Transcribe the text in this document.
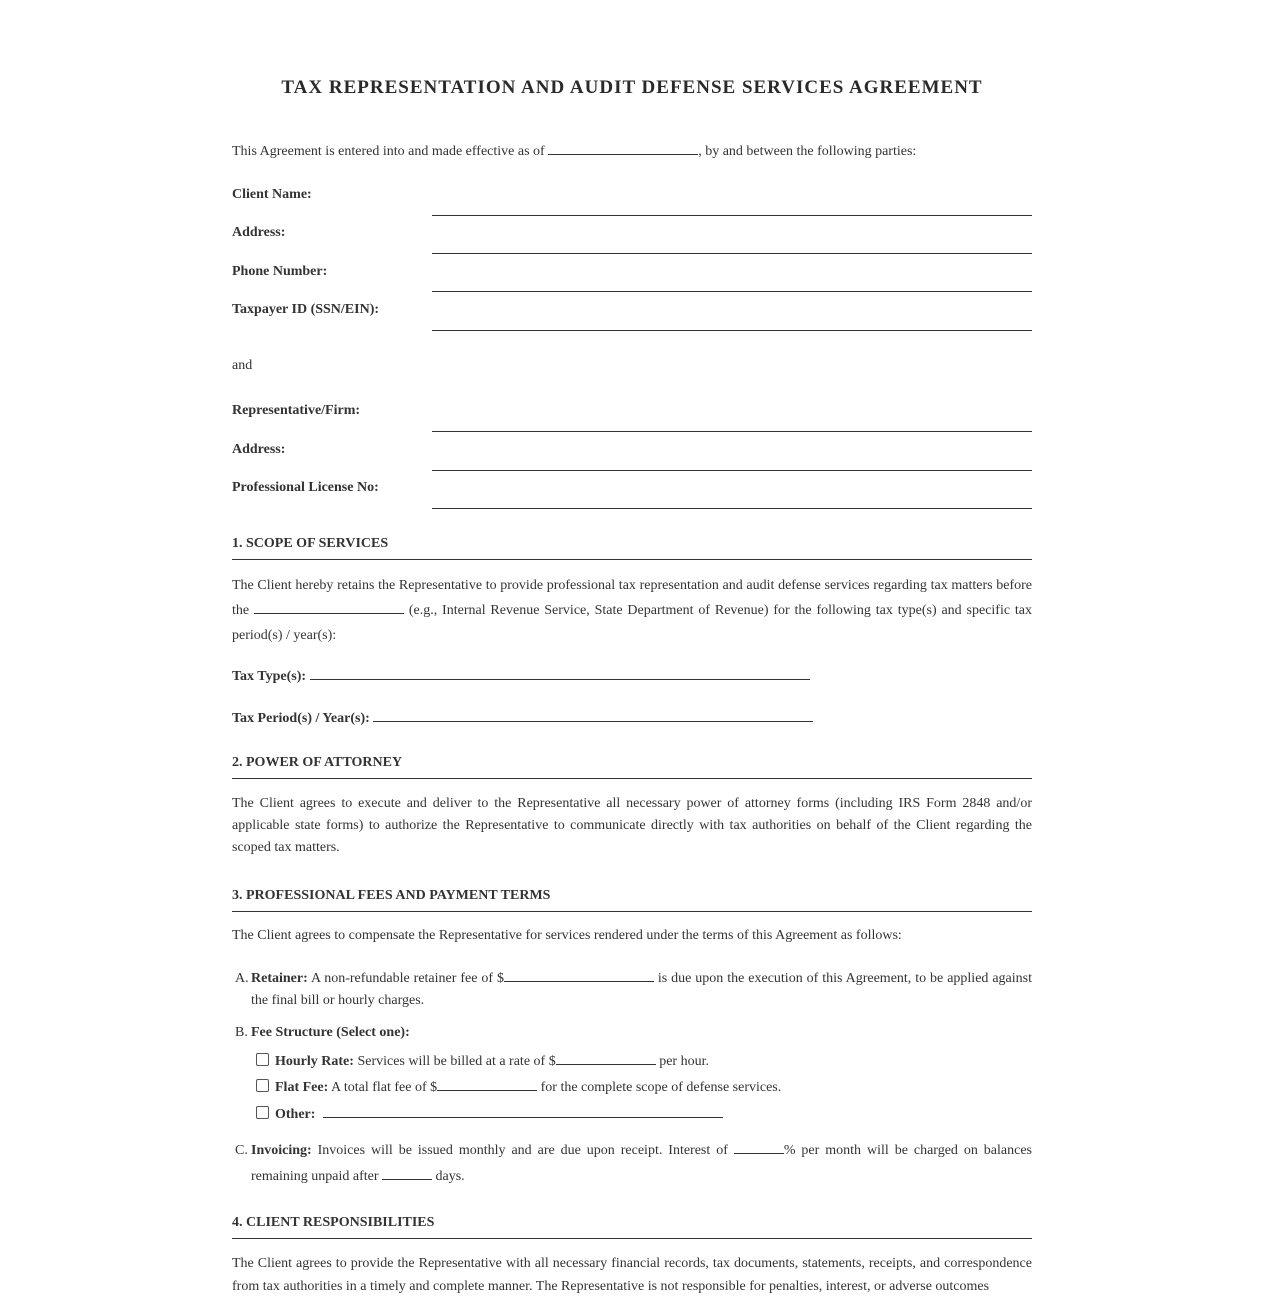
TAX REPRESENTATION AND AUDIT DEFENSE SERVICES AGREEMENT
This Agreement is entered into and made effective as of	, by and between the following parties:
Client Name:
Address:
Phone Number:
Taxpayer ID (SSN/EIN):
and
Representative/Firm:
Address:
Professional License No:
1. SCOPE OF SERVICES
The Client hereby retains the Representative to provide professional tax representation and audit defense services regarding tax matters before the	(e.g., Internal Revenue Service, State Department of Revenue) for the following tax type(s) and specific tax period(s) / year(s):
Tax Type(s):
Tax Period(s) / Year(s):
2. POWER OF ATTORNEY
The Client agrees to execute and deliver to the Representative all necessary power of attorney forms (including IRS Form 2848 and/or applicable state forms) to authorize the Representative to communicate directly with tax authorities on behalf of the Client regarding the scoped tax matters.
3. PROFESSIONAL FEES AND PAYMENT TERMS
The Client agrees to compensate the Representative for services rendered under the terms of this Agreement as follows:
A. Retainer: A non-refundable retainer fee of $	is due upon the execution of this Agreement, to be applied against the final bill or hourly charges.
B. Fee Structure (Select one):
Hourly Rate: Services will be billed at a rate of $	per hour.
Flat Fee: A total flat fee of $	for the complete scope of defense services.
Other:
C. Invoicing: Invoices will be issued monthly and are due upon receipt. Interest of	% per month will be charged on balances remaining unpaid after	days.
4. CLIENT RESPONSIBILITIES
The Client agrees to provide the Representative with all necessary financial records, tax documents, statements, receipts, and correspondence from tax authorities in a timely and complete manner. The Representative is not responsible for penalties, interest, or adverse outcomes
